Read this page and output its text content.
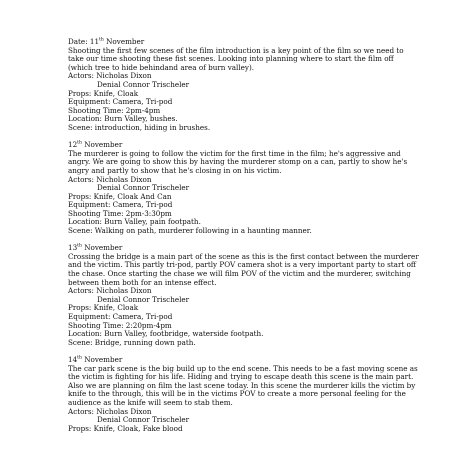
Date: 11th November
Shooting the first few scenes of the film introduction is a key point of the film so we need to take our time shooting these fist scenes. Looking into planning where to start the film off (which tree to hide behindand area of burn valley).
Actors: Nicholas Dixon
Denial Connor Trischeler
Props: Knife, Cloak
Equipment: Camera, Tri-pod
Shooting Time: 2pm-4pm
Location: Burn Valley, bushes.
Scene: introduction, hiding in brushes.
12th November
The murderer is going to follow the victim for the first time in the film; he's aggressive and angry. We are going to show this by having the murderer stomp on a can, partly to show he's angry and partly to show that he's closing in on his victim.
Actors: Nicholas Dixon
Denial Connor Trischeler
Props: Knife, Cloak And Can
Equipment: Camera, Tri-pod
Shooting Time: 2pm-3:30pm
Location: Burn Valley, pain footpath.
Scene: Walking on path, murderer following in a haunting manner.
13th November
Crossing the bridge is a main part of the scene as this is the first contact between the murderer and the victim. This partly tri-pod, partly POV camera shot is a very important party to start off the chase. Once starting the chase we will film POV of the victim and the murderer, switching between them both for an intense effect.
Actors: Nicholas Dixon
Denial Connor Trischeler
Props: Knife, Cloak
Equipment: Camera, Tri-pod
Shooting Time: 2:20pm-4pm
Location: Burn Valley, footbridge, waterside footpath.
Scene: Bridge, running down path.
14th November
The car park scene is the big build up to the end scene. This needs to be a fast moving scene as the victim is fighting for his life. Hiding and trying to escape death this scene is the main part.
Also we are planning on film the last scene today. In this scene the murderer kills the victim by knife to the through, this will be in the victims POV to create a more personal feeling for the audience as the knife will seem to stab them.
Actors: Nicholas Dixon
Denial Connor Trischeler
Props: Knife, Cloak, Fake blood
